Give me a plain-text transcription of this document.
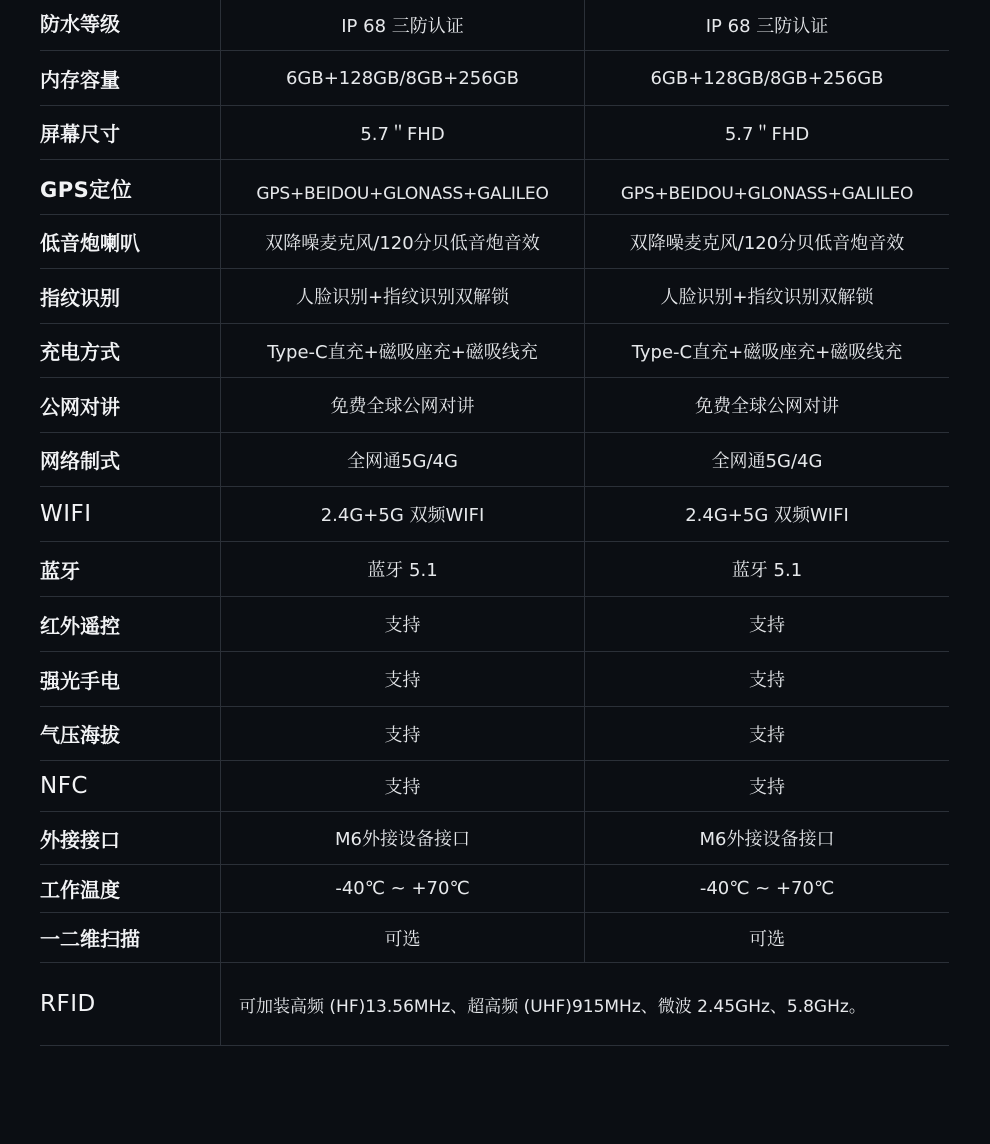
防水等级	IP 68 三防认证	IP 68 三防认证
内存容量	6GB+128GB/8GB+256GB	6GB+128GB/8GB+256GB
屏幕尺寸	5.7＂FHD	5.7＂FHD
GPS定位	GPS+BEIDOU+GLONASS+GALILEO	GPS+BEIDOU+GLONASS+GALILEO
低音炮喇叭	双降噪麦克风/120分贝低音炮音效	双降噪麦克风/120分贝低音炮音效
指纹识别	人脸识别+指纹识别双解锁	人脸识别+指纹识别双解锁
充电方式	Type-C直充+磁吸座充+磁吸线充	Type-C直充+磁吸座充+磁吸线充
公网对讲	免费全球公网对讲	免费全球公网对讲
网络制式	全网通5G/4G	全网通5G/4G
WIFI	2.4G+5G 双频WIFI	2.4G+5G 双频WIFI
蓝牙	蓝牙 5.1	蓝牙 5.1
红外遥控	支持	支持
强光手电	支持	支持
气压海拔	支持	支持
NFC	支持	支持
外接接口	M6外接设备接口	M6外接设备接口
工作温度	-40℃ ~ +70℃	-40℃ ~ +70℃
一二维扫描	可选	可选
RFID	可加装高频 (HF)13.56MHz、超高频 (UHF)915MHz、微波 2.45GHz、5.8GHz。
